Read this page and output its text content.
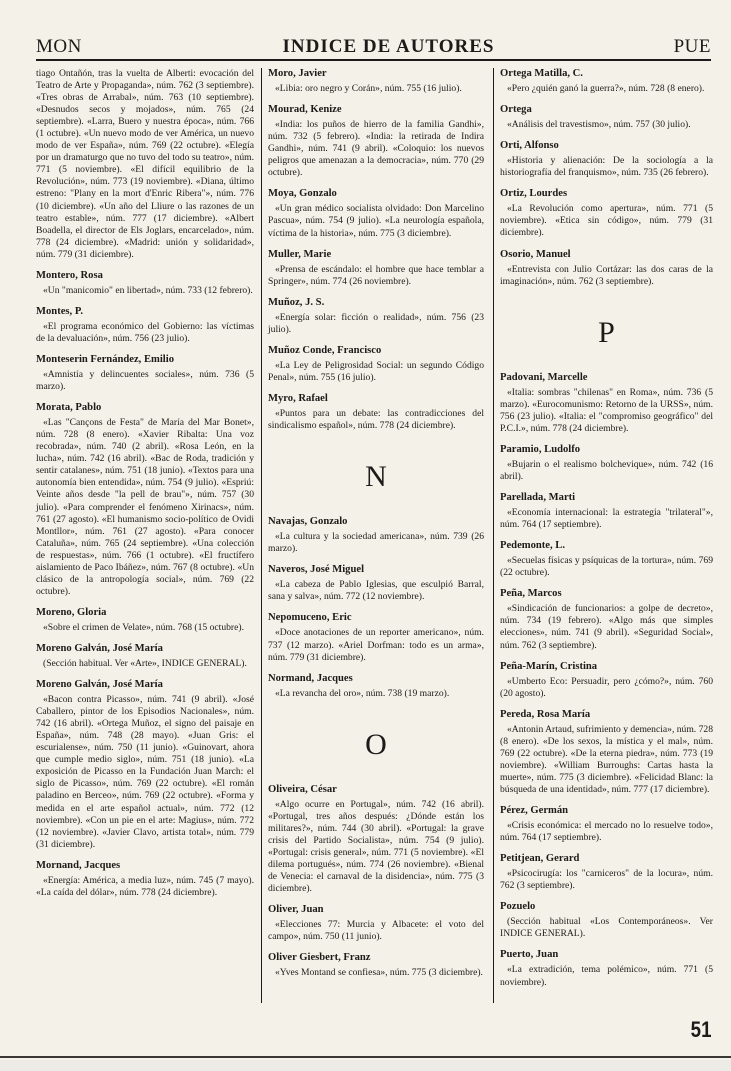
MON	INDICE DE AUTORES	PUE
tiago Ontañón, tras la vuelta de Alberti: evocación del Teatro de Arte y Propaganda», núm. 762 (3 septiembre). «Tres obras de Arrabal», núm. 763 (10 septiembre). «Desnudos secos y mojados», núm. 765 (24 septiembre). «Larra, Buero y nuestra época», núm. 766 (1 octubre). «Un nuevo modo de ver América, un nuevo modo de ver España», núm. 769 (22 octubre). «Elegía por un dramaturgo que no tuvo del todo su teatro», núm. 771 (5 noviembre). «El difícil equilibrio de la Revolución», núm. 773 (19 noviembre). «Diana, último estreno: "Plany en la mort d'Enric Ribera"», núm. 776 (10 diciembre). «Un año del Lliure o las razones de un teatro estable», núm. 777 (17 diciembre). «Albert Boadella, el director de Els Joglars, encarcelado», núm. 778 (24 diciembre). «Madrid: unión y solidaridad», núm. 779 (31 diciembre).
Montero, Rosa
«Un "manicomio" en libertad», núm. 733 (12 febrero).
Montes, P.
«El programa económico del Gobierno: las víctimas de la devaluación», núm. 756 (23 julio).
Monteserin Fernández, Emilio
«Amnistía y delincuentes sociales», núm. 736 (5 marzo).
Morata, Pablo
«Las "Cançons de Festa" de María del Mar Bonet», núm. 728 (8 enero). «Xavier Ribalta: Una voz recobrada», núm. 740 (2 abril). «Rosa León, en la lucha», núm. 742 (16 abril). «Bac de Roda, tradición y sentir catalanes», núm. 751 (18 junio). «Textos para una autonomía bien entendida», núm. 754 (9 julio). «Espriú: Veinte años desde "la pell de brau"», núm. 757 (30 julio). «Para comprender el fenómeno Xirinacs», núm. 761 (27 agosto). «El humanismo socio-político de Ovidi Montllor», núm. 761 (27 agosto). «Para conocer Cataluña», núm. 765 (24 septiembre). «Una colección de respuestas», núm. 766 (1 octubre). «El fructífero aislamiento de Paco Ibáñez», núm. 767 (8 octubre). «Un clásico de la antropología social», núm. 769 (22 octubre).
Moreno, Gloria
«Sobre el crimen de Velate», núm. 768 (15 octubre).
Moreno Galván, José María
(Sección habitual. Ver «Arte», INDICE GENERAL).
Moreno Galván, José María
«Bacon contra Picasso», núm. 741 (9 abril). «José Caballero, pintor de los Episodios Nacionales», núm. 742 (16 abril). «Ortega Muñoz, el signo del paisaje en España», núm. 748 (28 mayo). «Juan Gris: el escurialense», núm. 750 (11 junio). «Guinovart, ahora que cumple medio siglo», núm. 751 (18 junio). «La exposición de Picasso en la Fundación Juan March: el siglo de Picasso», núm. 769 (22 octubre). «El román paladino en Berceo», núm. 769 (22 octubre). «Forma y medida en el arte español actual», núm. 772 (12 noviembre). «Con un pie en el arte: Magius», núm. 772 (12 noviembre). «Javier Clavo, artista total», núm. 779 (31 diciembre).
Mornand, Jacques
«Energía: América, a media luz», núm. 745 (7 mayo). «La caída del dólar», núm. 778 (24 diciembre).
Moro, Javier
«Libia: oro negro y Corán», núm. 755 (16 julio).
Mourad, Kenize
«India: los puños de hierro de la familia Gandhi», núm. 732 (5 febrero). «India: la retirada de Indira Gandhi», núm. 741 (9 abril). «Coloquio: los nuevos peligros que amenazan a la democracia», núm. 770 (29 octubre).
Moya, Gonzalo
«Un gran médico socialista olvidado: Don Marcelino Pascua», núm. 754 (9 julio). «La neurología española, víctima de la historia», núm. 775 (3 diciembre).
Muller, Marie
«Prensa de escándalo: el hombre que hace temblar a Springer», núm. 774 (26 noviembre).
Muñoz, J. S.
«Energía solar: ficción o realidad», núm. 756 (23 julio).
Muñoz Conde, Francisco
«La Ley de Peligrosidad Social: un segundo Código Penal», núm. 755 (16 julio).
Myro, Rafael
«Puntos para un debate: las contradicciones del sindicalismo español», núm. 778 (24 diciembre).
N
Navajas, Gonzalo
«La cultura y la sociedad americana», núm. 739 (26 marzo).
Naveros, José Miguel
«La cabeza de Pablo Iglesias, que esculpió Barral, sana y salva», núm. 772 (12 noviembre).
Nepomuceno, Eric
«Doce anotaciones de un reporter americano», núm. 737 (12 marzo). «Ariel Dorfman: todo es un arma», núm. 779 (31 diciembre).
Normand, Jacques
«La revancha del oro», núm. 738 (19 marzo).
O
Oliveira, César
«Algo ocurre en Portugal», núm. 742 (16 abril). «Portugal, tres años después: ¿Dónde están los militares?», núm. 744 (30 abril). «Portugal: la grave crisis del Partido Socialista», núm. 754 (9 julio). «Portugal: crisis general», núm. 771 (5 noviembre). «El dilema portugués», núm. 774 (26 noviembre). «Bienal de Venecia: el carnaval de la disidencia», núm. 775 (3 diciembre).
Oliver, Juan
«Elecciones 77: Murcia y Albacete: el voto del campo», núm. 750 (11 junio).
Oliver Giesbert, Franz
«Yves Montand se confiesa», núm. 775 (3 diciembre).
Ortega Matilla, C.
«Pero ¿quién ganó la guerra?», núm. 728 (8 enero).
Ortega
«Análisis del travestismo», núm. 757 (30 julio).
Orti, Alfonso
«Historia y alienación: De la sociología a la historiografía del franquismo», núm. 735 (26 febrero).
Ortiz, Lourdes
«La Revolución como apertura», núm. 771 (5 noviembre). «Etica sin código», núm. 779 (31 diciembre).
Osorio, Manuel
«Entrevista con Julio Cortázar: las dos caras de la imaginación», núm. 762 (3 septiembre).
P
Padovani, Marcelle
«Italia: sombras "chilenas" en Roma», núm. 736 (5 marzo). «Eurocomunismo: Retorno de la URSS», núm. 756 (23 julio). «Italia: el "compromiso geográfico" del P.C.I.», núm. 778 (24 diciembre).
Paramio, Ludolfo
«Bujarin o el realismo bolchevique», núm. 742 (16 abril).
Parellada, Marti
«Economía internacional: la estrategia "trilateral"», núm. 764 (17 septiembre).
Pedemonte, L.
«Secuelas físicas y psíquicas de la tortura», núm. 769 (22 octubre).
Peña, Marcos
«Sindicación de funcionarios: a golpe de decreto», núm. 734 (19 febrero). «Algo más que simples elecciones», núm. 741 (9 abril). «Seguridad Social», núm. 762 (3 septiembre).
Peña-Marín, Cristina
«Umberto Eco: Persuadir, pero ¿cómo?», núm. 760 (20 agosto).
Pereda, Rosa María
«Antonin Artaud, sufrimiento y demencia», núm. 728 (8 enero). «De los sexos, la mística y el mal», núm. 769 (22 octubre). «De la eterna piedra», núm. 773 (19 noviembre). «William Burroughs: Cartas hasta la muerte», núm. 775 (3 diciembre). «Felicidad Blanc: la búsqueda de una identidad», núm. 777 (17 diciembre).
Pérez, Germán
«Crisis económica: el mercado no lo resuelve todo», núm. 764 (17 septiembre).
Petitjean, Gerard
«Psicocirugía: los "carniceros" de la locura», núm. 762 (3 septiembre).
Pozuelo
(Sección habitual «Los Contemporáneos». Ver INDICE GENERAL).
Puerto, Juan
«La extradición, tema polémico», núm. 771 (5 noviembre).
51
